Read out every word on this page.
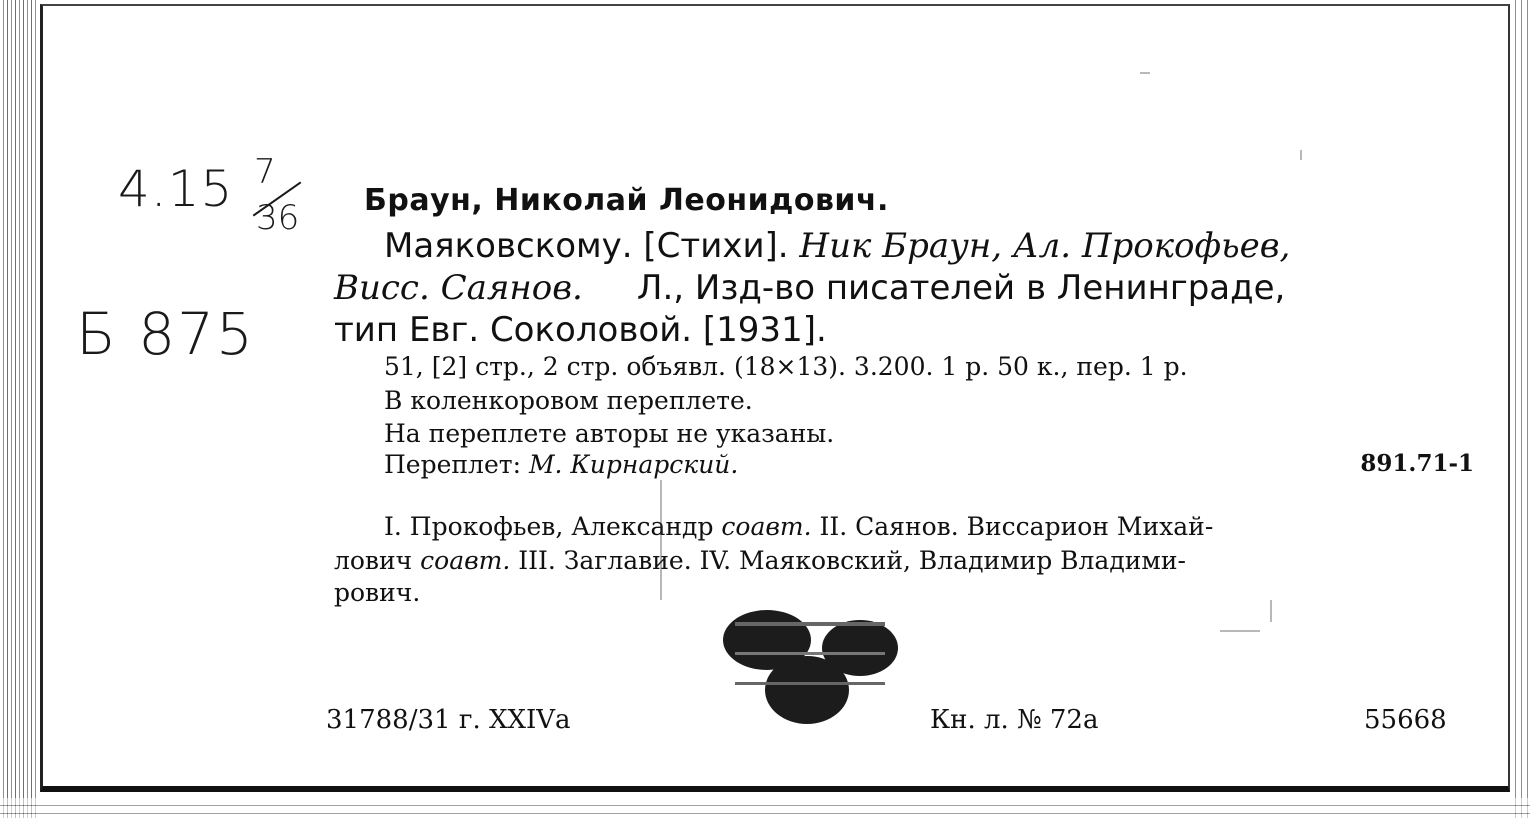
4.15 7
36
Б 875
Браун, Николай Леонидович.
Маяковскому. [Стихи]. Ник Браун, Ал. Прокофьев,
Висс. Саянов. Л., Изд-во писателей в Ленинграде,
тип Евг. Соколовой. [1931].
51, [2] стр., 2 стр. объявл. (18×13). 3.200. 1 р. 50 к., пер. 1 р.
В коленкоровом переплете.
На переплете авторы не указаны.
Переплет: М. Кирнарский.	891.71-1
I. Прокофьев, Александр соавт. II. Саянов. Виссарион Михай-
лович соавт. III. Заглавие. IV. Маяковский, Владимир Владими-
рович.
31788/31 г. XXIVа	Кн. л. № 72а	55668
